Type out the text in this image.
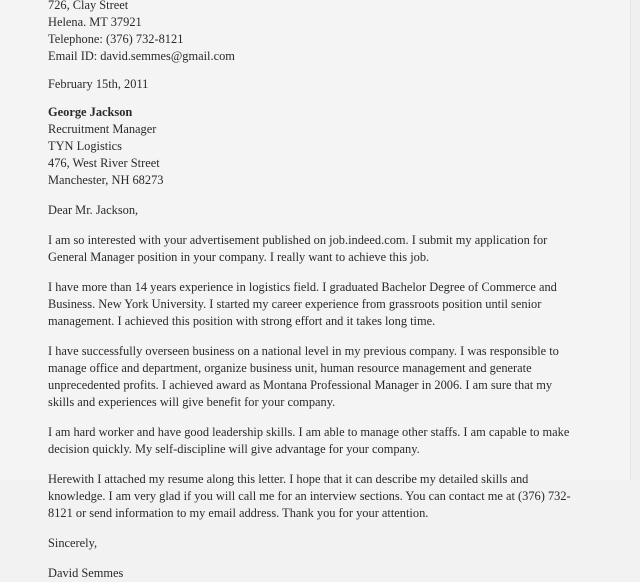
726, Clay Street
Helena. MT 37921
Telephone: (376) 732-8121
Email ID: david.semmes@gmail.com
February 15th, 2011
George Jackson
Recruitment Manager
TYN Logistics
476, West River Street
Manchester, NH 68273
Dear Mr. Jackson,

I am so interested with your advertisement published on job.indeed.com. I submit my application for General Manager position in your company. I really want to achieve this job.

I have more than 14 years experience in logistics field. I graduated Bachelor Degree of Commerce and Business. New York University. I started my career experience from grassroots position until senior management. I achieved this position with strong effort and it takes long time.

I have successfully overseen business on a national level in my previous company. I was responsible to manage office and department, organize business unit, human resource management and generate unprecedented profits. I achieved award as Montana Professional Manager in 2006. I am sure that my skills and experiences will give benefit for your company.

I am hard worker and have good leadership skills. I am able to manage other staffs. I am capable to make decision quickly. My self-discipline will give advantage for your company.

Herewith I attached my resume along this letter. I hope that it can describe my detailed skills and knowledge. I am very glad if you will call me for an interview sections. You can contact me at (376) 732-8121 or send information to my email address. Thank you for your attention.

Sincerely,
David Semmes
